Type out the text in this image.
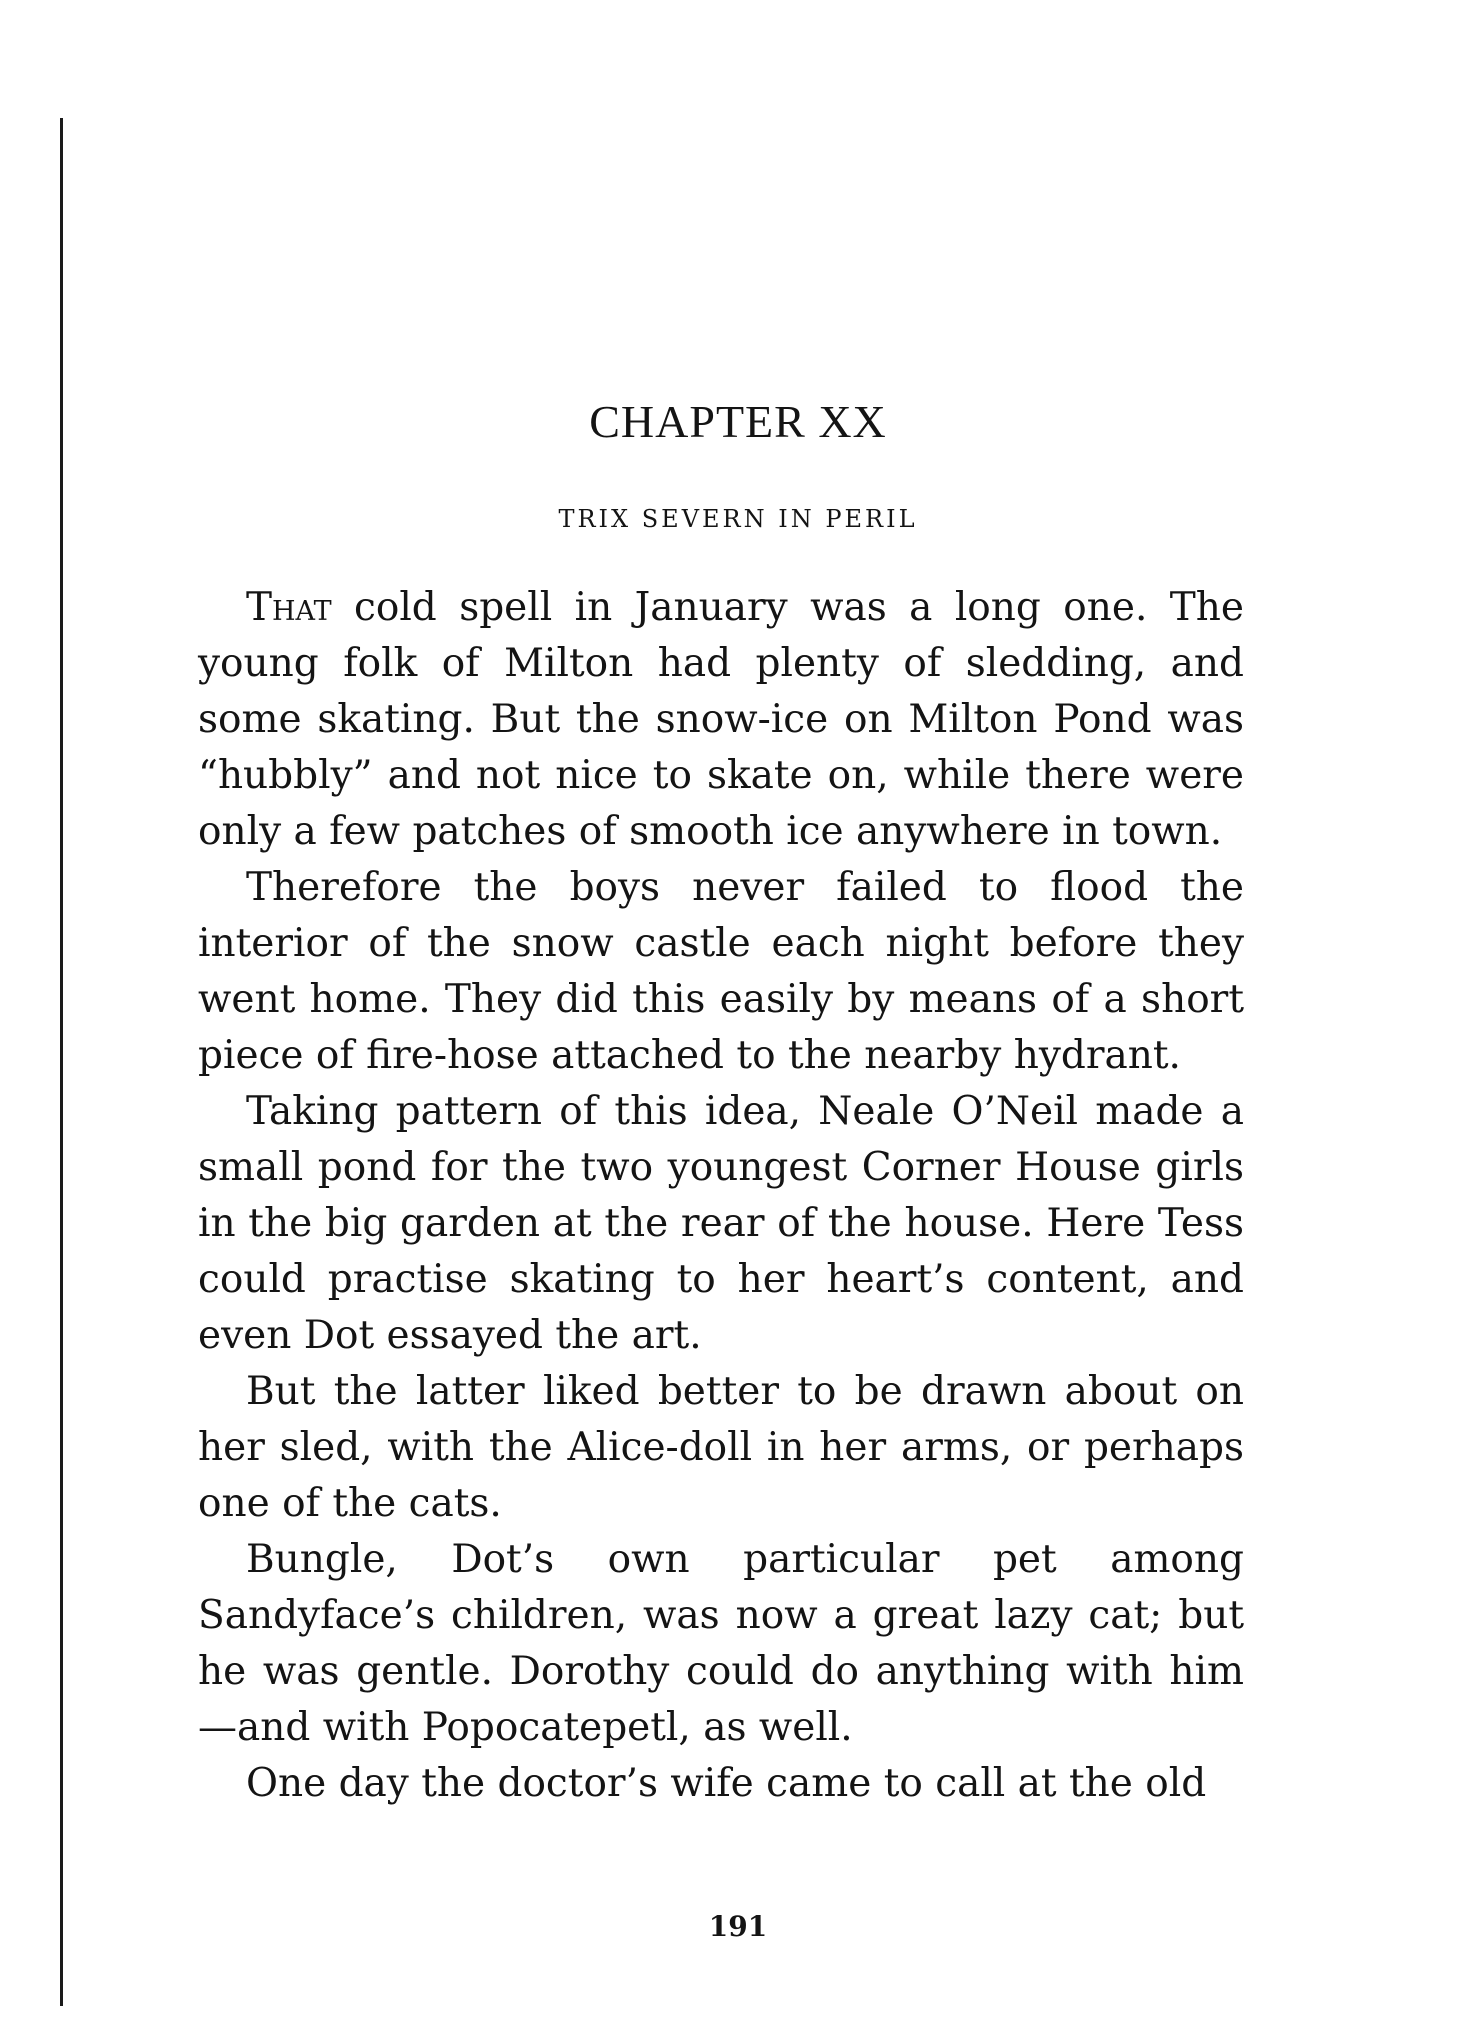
CHAPTER XX
TRIX SEVERN IN PERIL

That cold spell in January was a long one. The young folk of Milton had plenty of sledding, and some skating. But the snow-ice on Milton Pond was “hubbly” and not nice to skate on, while there were only a few patches of smooth ice anywhere in town.

Therefore the boys never failed to flood the interior of the snow castle each night before they went home. They did this easily by means of a short piece of fire-hose attached to the nearby hydrant.

Taking pattern of this idea, Neale O’Neil made a small pond for the two youngest Corner House girls in the big garden at the rear of the house. Here Tess could practise skating to her heart’s content, and even Dot essayed the art.

But the latter liked better to be drawn about on her sled, with the Alice-doll in her arms, or perhaps one of the cats.

Bungle, Dot’s own particular pet among Sandyface’s children, was now a great lazy cat; but he was gentle. Dorothy could do anything with him —and with Popocatepetl, as well.

One day the doctor’s wife came to call at the old

191
